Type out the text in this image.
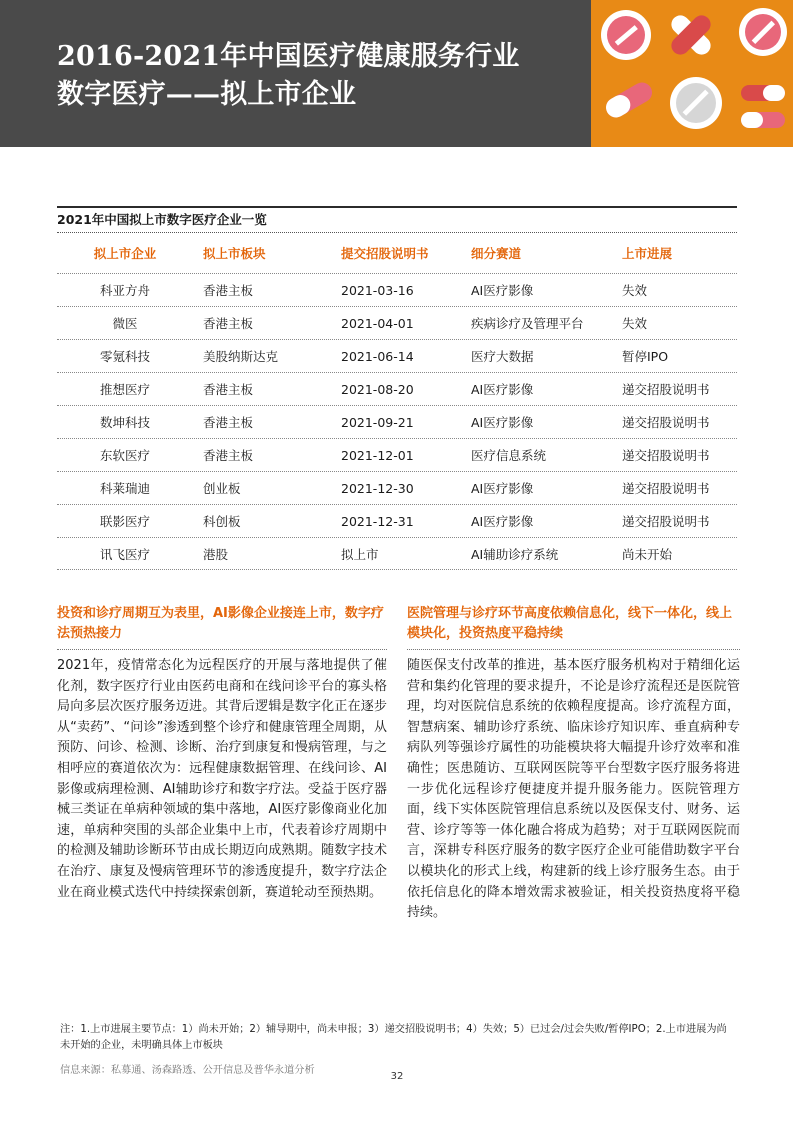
2016-2021年中国医疗健康服务行业
数字医疗——拟上市企业
2021年中国拟上市数字医疗企业一览
拟上市企业	拟上市板块	提交招股说明书	细分赛道	上市进展
科亚方舟	香港主板	2021-03-16	AI医疗影像	失效
微医	香港主板	2021-04-01	疾病诊疗及管理平台	失效
零氪科技	美股纳斯达克	2021-06-14	医疗大数据	暂停IPO
推想医疗	香港主板	2021-08-20	AI医疗影像	递交招股说明书
数坤科技	香港主板	2021-09-21	AI医疗影像	递交招股说明书
东软医疗	香港主板	2021-12-01	医疗信息系统	递交招股说明书
科莱瑞迪	创业板	2021-12-30	AI医疗影像	递交招股说明书
联影医疗	科创板	2021-12-31	AI医疗影像	递交招股说明书
讯飞医疗	港股	拟上市	AI辅助诊疗系统	尚未开始
投资和诊疗周期互为表里，AI影像企业接连上市，数字疗法预热接力
2021年，疫情常态化为远程医疗的开展与落地提供了催化剂，数字医疗行业由医药电商和在线问诊平台的寡头格局向多层次医疗服务迈进。其背后逻辑是数字化正在逐步从“卖药”、“问诊”渗透到整个诊疗和健康管理全周期，从预防、问诊、检测、诊断、治疗到康复和慢病管理，与之相呼应的赛道依次为：远程健康数据管理、在线问诊、AI影像或病理检测、AI辅助诊疗和数字疗法。受益于医疗器械三类证在单病种领域的集中落地，AI医疗影像商业化加速，单病种突围的头部企业集中上市，代表着诊疗周期中的检测及辅助诊断环节由成长期迈向成熟期。随数字技术在治疗、康复及慢病管理环节的渗透度提升，数字疗法企业在商业模式迭代中持续探索创新，赛道轮动至预热期。
医院管理与诊疗环节高度依赖信息化，线下一体化，线上模块化，投资热度平稳持续
随医保支付改革的推进，基本医疗服务机构对于精细化运营和集约化管理的要求提升，不论是诊疗流程还是医院管理，均对医院信息系统的依赖程度提高。诊疗流程方面，智慧病案、辅助诊疗系统、临床诊疗知识库、垂直病种专病队列等强诊疗属性的功能模块将大幅提升诊疗效率和准确性；医患随访、互联网医院等平台型数字医疗服务将进一步优化远程诊疗便捷度并提升服务能力。医院管理方面，线下实体医院管理信息系统以及医保支付、财务、运营、诊疗等等一体化融合将成为趋势；对于互联网医院而言，深耕专科医疗服务的数字医疗企业可能借助数字平台以模块化的形式上线，构建新的线上诊疗服务生态。由于依托信息化的降本增效需求被验证，相关投资热度将平稳持续。
注：1.上市进展主要节点：1）尚未开始；2）辅导期中，尚未申报；3）递交招股说明书；4）失效；5）已过会/过会失败/暂停IPO；2.上市进展为尚未开始的企业，未明确具体上市板块
信息来源：私募通、汤森路透、公开信息及普华永道分析
32
